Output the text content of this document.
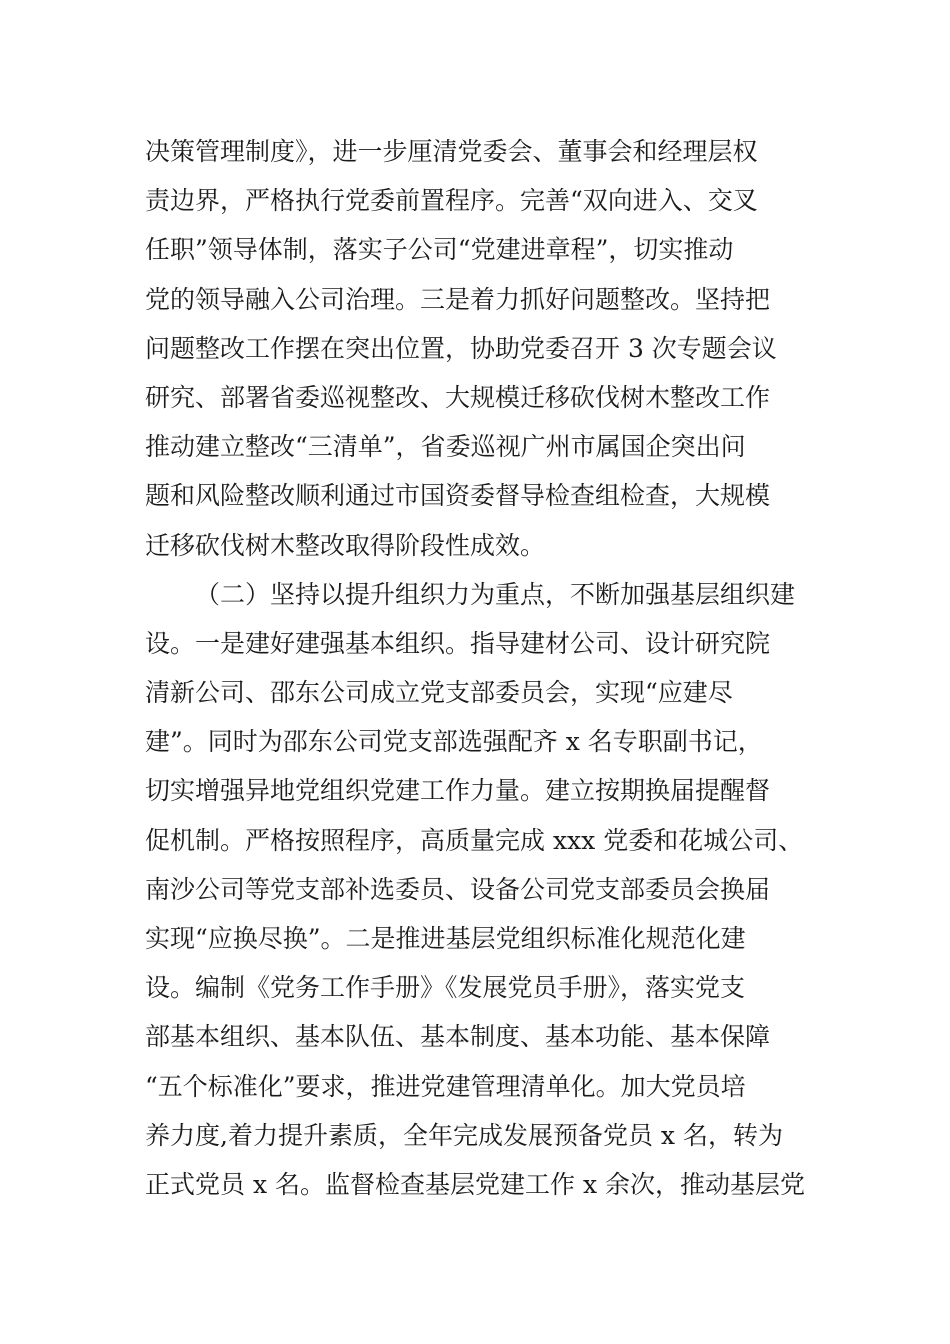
决策管理制度》，进一步厘清党委会、董事会和经理层权
责边界，严格执行党委前置程序。完善“双向进入、交叉
任职”领导体制，落实子公司“党建进章程”，切实推动
党的领导融入公司治理。三是着力抓好问题整改。坚持把
问题整改工作摆在突出位置，协助党委召开 3 次专题会议
研究、部署省委巡视整改、大规模迁移砍伐树木整改工作
推动建立整改“三清单”，省委巡视广州市属国企突出问
题和风险整改顺利通过市国资委督导检查组检查，大规模
迁移砍伐树木整改取得阶段性成效。
（二）坚持以提升组织力为重点，不断加强基层组织建
设。一是建好建强基本组织。指导建材公司、设计研究院
清新公司、邵东公司成立党支部委员会，实现“应建尽
建”。同时为邵东公司党支部选强配齐 x 名专职副书记，
切实增强异地党组织党建工作力量。建立按期换届提醒督
促机制。严格按照程序，高质量完成 xxx 党委和花城公司、
南沙公司等党支部补选委员、设备公司党支部委员会换届
实现“应换尽换”。二是推进基层党组织标准化规范化建
设。编制《党务工作手册》《发展党员手册》，落实党支
部基本组织、基本队伍、基本制度、基本功能、基本保障
“五个标准化”要求，推进党建管理清单化。加大党员培
养力度,着力提升素质，全年完成发展预备党员 x 名，转为
正式党员 x 名。监督检查基层党建工作 x 余次，推动基层党
